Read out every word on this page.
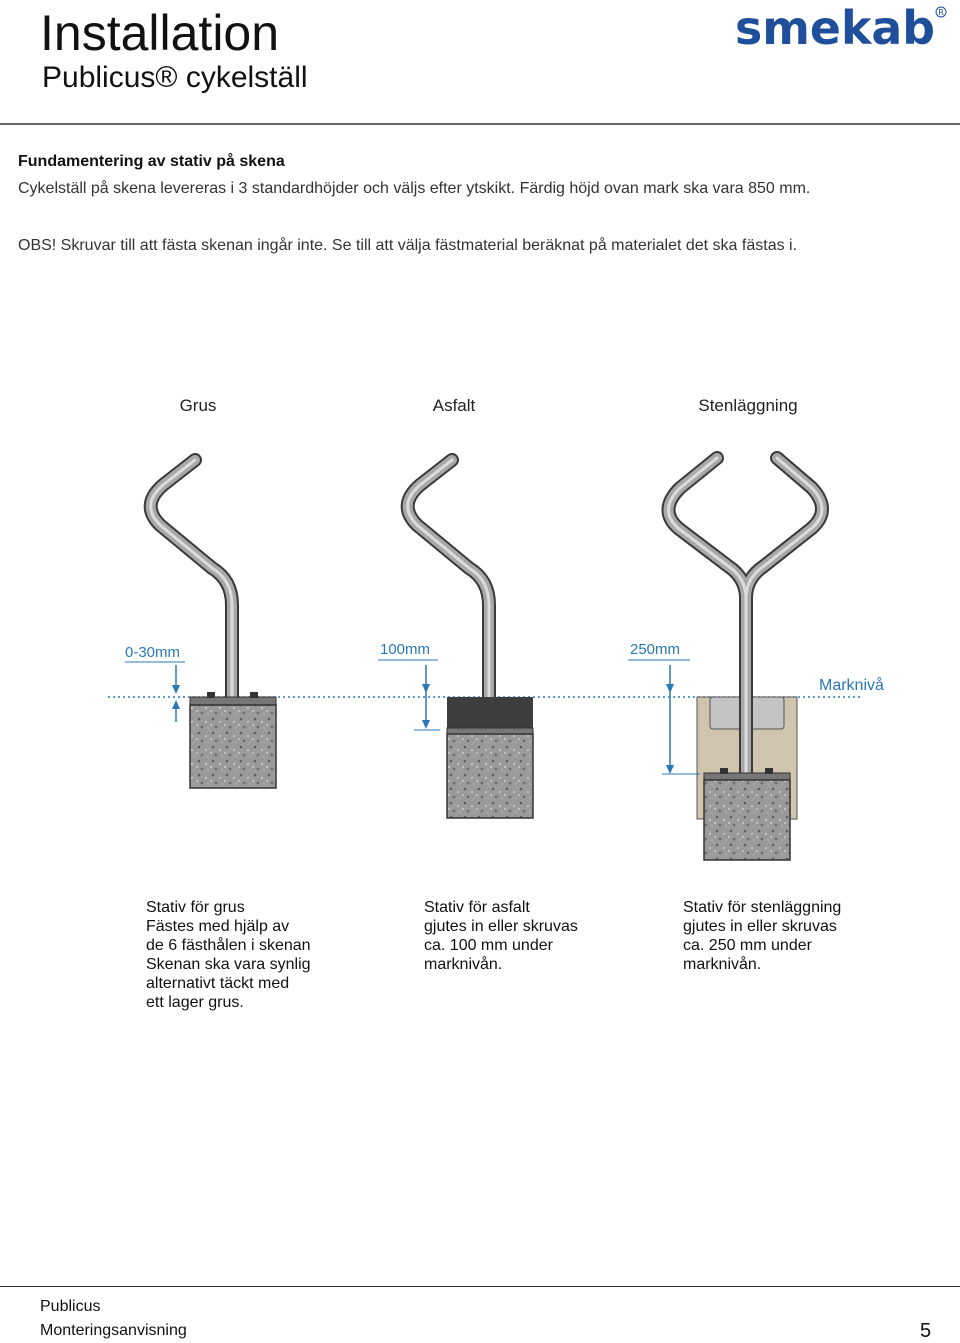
Installation
Publicus® cykelställ
smekab R
Fundamentering av stativ på skena
Cykelställ på skena levereras i 3 standardhöjder och väljs efter ytskikt. Färdig höjd ovan mark ska vara 850 mm.
OBS! Skruvar till att fästa skenan ingår inte. Se till att välja fästmaterial beräknat på materialet det ska fästas i.
Grus	Asfalt	Stenläggning
Marknivå
0-30mm	100mm	250mm
Stativ för grus
Fästes med hjälp av
de 6 fästhålen i skenan
Skenan ska vara synlig
alternativt täckt med
ett lager grus.
Stativ för asfalt
gjutes in eller skruvas
ca. 100 mm under
marknivån.
Stativ för stenläggning
gjutes in eller skruvas
ca. 250 mm under
marknivån.
Publicus
Monteringsanvisning	5
